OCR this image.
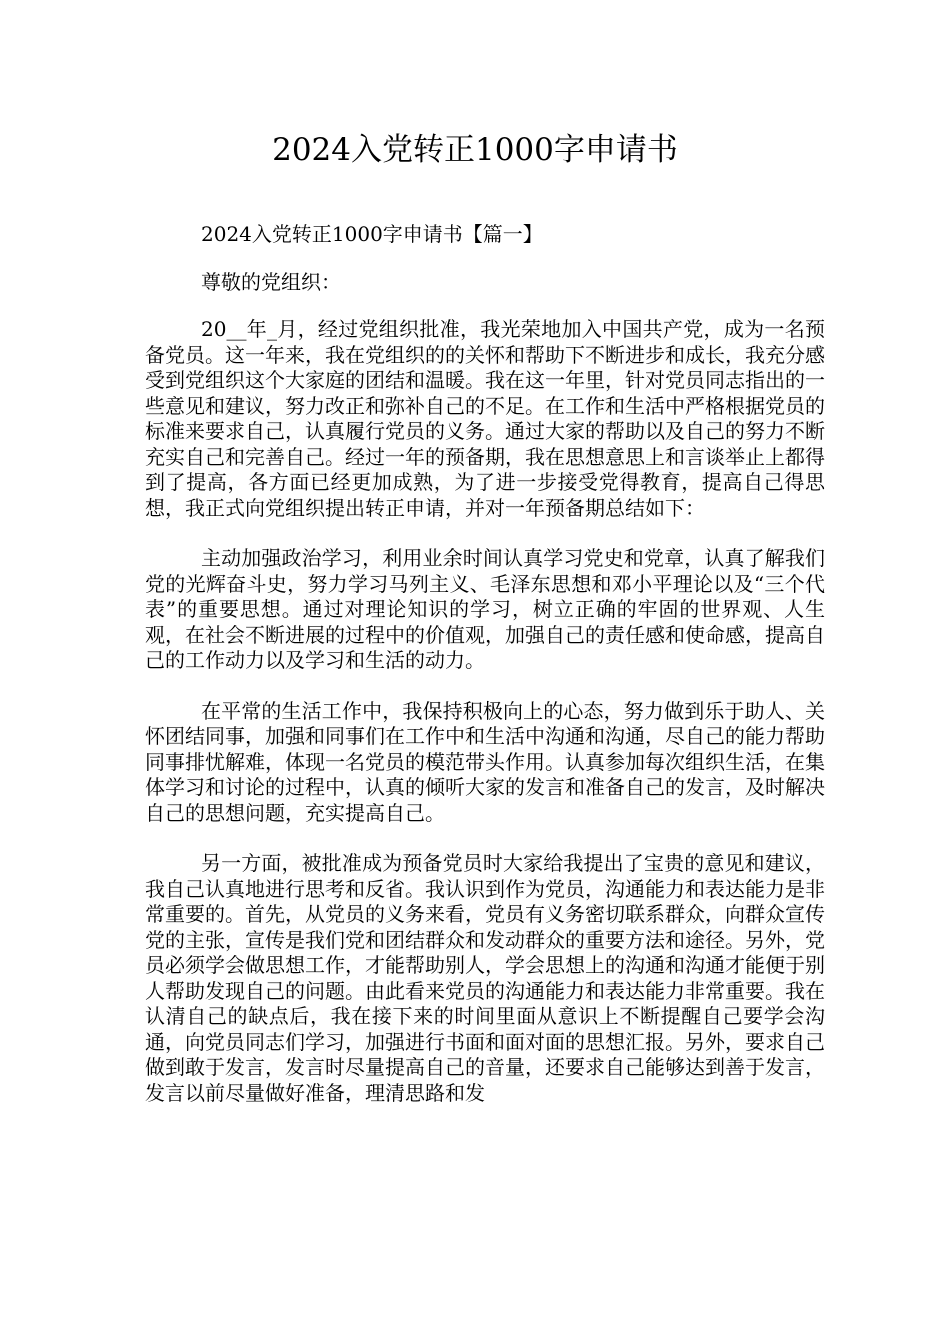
2024入党转正1000字申请书

2024入党转正1000字申请书【篇一】

尊敬的党组织：

20__年_月，经过党组织批准，我光荣地加入中国共产党，成为一名预备党员。这一年来，我在党组织的的关怀和帮助下不断进步和成长，我充分感受到党组织这个大家庭的团结和温暖。我在这一年里，针对党员同志指出的一些意见和建议，努力改正和弥补自己的不足。在工作和生活中严格根据党员的标准来要求自己，认真履行党员的义务。通过大家的帮助以及自己的努力不断充实自己和完善自己。经过一年的预备期，我在思想意思上和言谈举止上都得到了提高，各方面已经更加成熟，为了进一步接受党得教育，提高自己得思想，我正式向党组织提出转正申请，并对一年预备期总结如下：

主动加强政治学习，利用业余时间认真学习党史和党章，认真了解我们党的光辉奋斗史，努力学习马列主义、毛泽东思想和邓小平理论以及“三个代表”的重要思想。通过对理论知识的学习，树立正确的牢固的世界观、人生观，在社会不断进展的过程中的价值观，加强自己的责任感和使命感，提高自己的工作动力以及学习和生活的动力。

在平常的生活工作中，我保持积极向上的心态，努力做到乐于助人、关怀团结同事，加强和同事们在工作中和生活中沟通和沟通，尽自己的能力帮助同事排忧解难，体现一名党员的模范带头作用。认真参加每次组织生活，在集体学习和讨论的过程中，认真的倾听大家的发言和准备自己的发言，及时解决自己的思想问题，充实提高自己。

另一方面，被批准成为预备党员时大家给我提出了宝贵的意见和建议，我自己认真地进行思考和反省。我认识到作为党员，沟通能力和表达能力是非常重要的。首先，从党员的义务来看，党员有义务密切联系群众，向群众宣传党的主张，宣传是我们党和团结群众和发动群众的重要方法和途径。另外，党员必须学会做思想工作，才能帮助别人，学会思想上的沟通和沟通才能便于别人帮助发现自己的问题。由此看来党员的沟通能力和表达能力非常重要。我在认清自己的缺点后，我在接下来的时间里面从意识上不断提醒自己要学会沟通，向党员同志们学习，加强进行书面和面对面的思想汇报。另外，要求自己做到敢于发言，发言时尽量提高自己的音量，还要求自己能够达到善于发言，发言以前尽量做好准备，理清思路和发
